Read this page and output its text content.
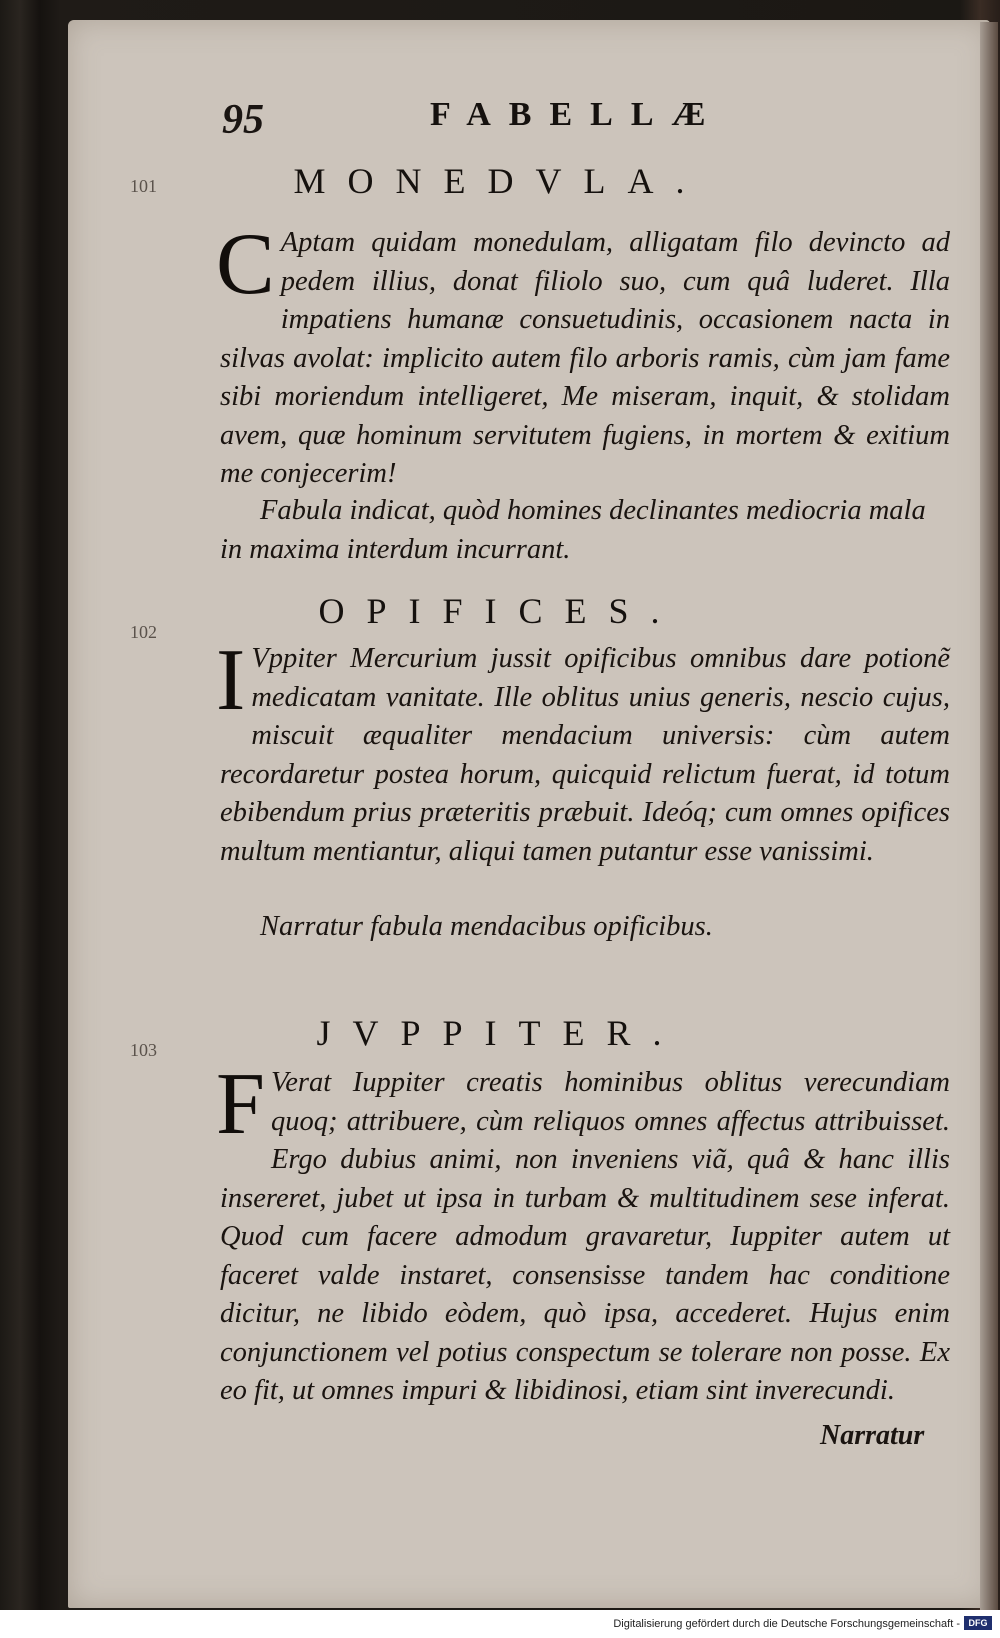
95	FABELLÆ
101	MONEDVLA.
C Aptam quidam monedulam, alligatam filo devincto ad pedem illius, donat filiolo suo, cum quâ luderet. Illa impatiens humanæ consuetudinis, occasionem nacta in silvas avolat: implicito autem filo arboris ramis, cùm jam fame sibi moriendum intelligeret, Me miseram, inquit, & stolidam avem, quæ hominum servitutem fugiens, in mortem & exitium me conjecerim!
Fabula indicat, quòd homines declinantes mediocria mala in maxima interdum incurrant.
102
OPIFICES.
I Vppiter Mercurium jussit opificibus omnibus dare potionẽ medicatam vanitate. Ille oblitus unius generis, nescio cujus, miscuit æqualiter mendacium universis: cùm autem recordaretur postea horum, quicquid relictum fuerat, id totum ebibendum prius præteritis præbuit. Ideóq; cum omnes opifices multum mentiantur, aliqui tamen putantur esse vanissimi.
Narratur fabula mendacibus opificibus.
103	JVPPITER.
F Verat Iuppiter creatis hominibus oblitus verecundiam quoq; attribuere, cùm reliquos omnes affectus attribuisset. Ergo dubius animi, non inveniens viã, quâ & hanc illis insereret, jubet ut ipsa in turbam & multitudinem sese inferat. Quod cum facere admodum gravaretur, Iuppiter autem ut faceret valde instaret, consensisse tandem hac conditione dicitur, ne libido eòdem, quò ipsa, accederet. Hujus enim conjunctionem vel potius conspectum se tolerare non posse. Ex eo fit, ut omnes impuri & libidinosi, etiam sint inverecundi.
Narratur
Digitalisierung gefördert durch die Deutsche Forschungsgemeinschaft - DFG
